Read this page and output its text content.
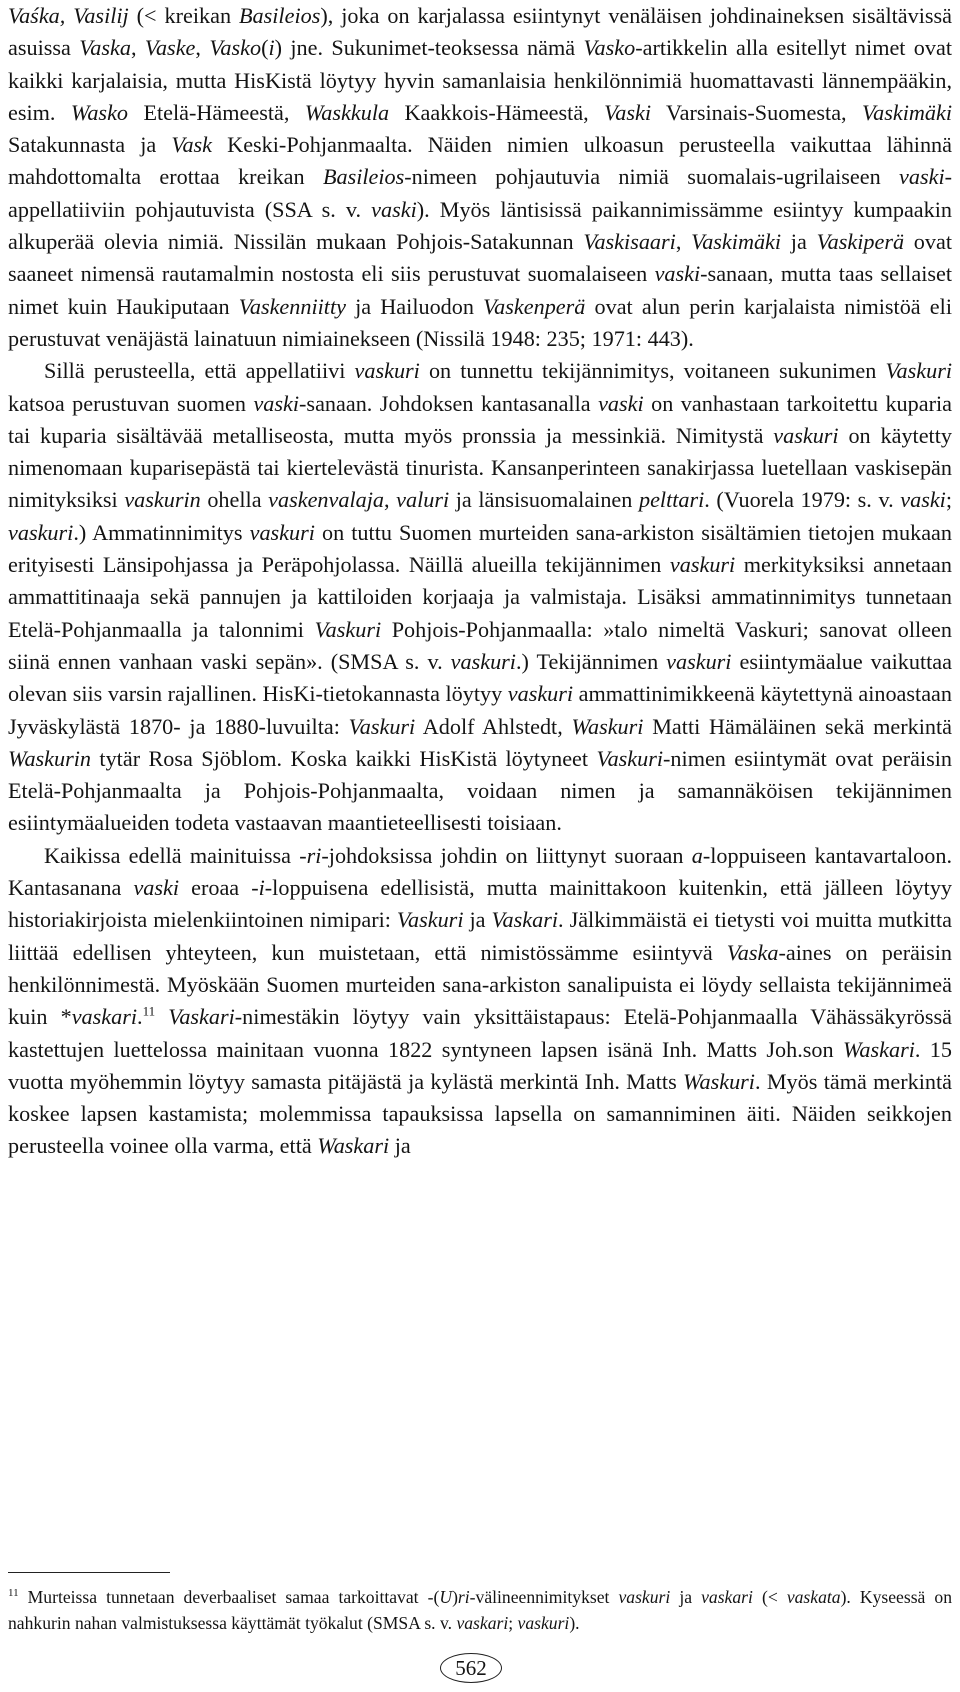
Vaśka, Vasilij (< kreikan Basileios), joka on karjalassa esiintynyt venäläisen johdinaineksen sisältävissä asuissa Vaska, Vaske, Vasko(i) jne. Sukunimet-teoksessa nämä Vasko-artikkelin alla esitellyt nimet ovat kaikki karjalaisia, mutta HisKistä löytyy hyvin samanlaisia henkilönnimiä huomattavasti lännempääkin, esim. Wasko Etelä-Hämeestä, Waskkula Kaakkois-Hämeestä, Vaski Varsinais-Suomesta, Vaskimäki Satakunnasta ja Vask Keski-Pohjanmaalta. Näiden nimien ulkoasun perusteella vaikuttaa lähinnä mahdottomalta erottaa kreikan Basileios-nimeen pohjautuvia nimiä suomalais-ugrilaiseen vaski-appellatiiviin pohjautuvista (SSA s. v. vaski). Myös läntisissä paikannimissämme esiintyy kumpaakin alkuperää olevia nimiä. Nissilän mukaan Pohjois-Satakunnan Vaskisaari, Vaskimäki ja Vaskiperä ovat saaneet nimensä rautamalmin nostosta eli siis perustuvat suomalaiseen vaski-sanaan, mutta taas sellaiset nimet kuin Haukiputaan Vaskenniitty ja Hailuodon Vaskenperä ovat alun perin karjalaista nimistöä eli perustuvat venäjästä lainatuun nimiainekseen (Nissilä 1948: 235; 1971: 443).

Sillä perusteella, että appellatiivi vaskuri on tunnettu tekijännimitys, voitaneen sukunimen Vaskuri katsoa perustuvan suomen vaski-sanaan. Johdoksen kantasanalla vaski on vanhastaan tarkoitettu kuparia tai kuparia sisältävää metalliseosta, mutta myös pronssia ja messinkiä. Nimitystä vaskuri on käytetty nimenomaan kuparisepästä tai kiertelevästä tinurista. Kansanperinteen sanakirjassa luetellaan vaskisepän nimityksiksi vaskurin ohella vaskenvalaja, valuri ja länsisuomalainen pelttari. (Vuorela 1979: s. v. vaski; vaskuri.) Ammatinnimitys vaskuri on tuttu Suomen murteiden sana-arkiston sisältämien tietojen mukaan erityisesti Länsipohjassa ja Peräpohjolassa. Näillä alueilla tekijännimen vaskuri merkityksiksi annetaan ammattitinaaja sekä pannujen ja kattiloiden korjaaja ja valmistaja. Lisäksi ammatinnimitys tunnetaan Etelä-Pohjanmaalla ja talonnimi Vaskuri Pohjois-Pohjanmaalla: »talo nimeltä Vaskuri; sanovat olleen siinä ennen vanhaan vaski sepän». (SMSA s. v. vaskuri.) Tekijännimen vaskuri esiintymäalue vaikuttaa olevan siis varsin rajallinen. HisKi-tietokannasta löytyy vaskuri ammattinimikkeenä käytettynä ainoastaan Jyväskylästä 1870- ja 1880-luvuilta: Vaskuri Adolf Ahlstedt, Waskuri Matti Hämäläinen sekä merkintä Waskurin tytär Rosa Sjöblom. Koska kaikki HisKistä löytyneet Vaskuri-nimen esiintymät ovat peräisin Etelä-Pohjanmaalta ja Pohjois-Pohjanmaalta, voidaan nimen ja samannäköisen tekijännimen esiintymäalueiden todeta vastaavan maantieteellisesti toisiaan.

Kaikissa edellä mainituissa -ri-johdoksissa johdin on liittynyt suoraan a-loppuiseen kantavartaloon. Kantasanana vaski eroaa -i-loppuisena edellisistä, mutta mainittakoon kuitenkin, että jälleen löytyy historiakirjoista mielenkiintoinen nimipari: Vaskuri ja Vaskari. Jälkimmäistä ei tietysti voi muitta mutkitta liittää edellisen yhteyteen, kun muistetaan, että nimistössämme esiintyvä Vaska-aines on peräisin henkilönnimestä. Myöskään Suomen murteiden sana-arkiston sanalipuista ei löydy sellaista tekijännimeä kuin *vaskari.$^{11}$ Vaskari-nimestäkin löytyy vain yksittäistapaus: Etelä-Pohjanmaalla Vähässäkyrössä kastettujen luettelossa mainitaan vuonna 1822 syntyneen lapsen isänä Inh. Matts Joh.son Waskari. 15 vuotta myöhemmin löytyy samasta pitäjästä ja kylästä merkintä Inh. Matts Waskuri. Myös tämä merkintä koskee lapsen kastamista; molemmissa tapauksissa lapsella on samanniminen äiti. Näiden seikkojen perusteella voinee olla varma, että Waskari ja

$^{11}$ Murteissa tunnetaan deverbaaliset samaa tarkoittavat -(U)ri-välineennimitykset vaskuri ja vaskari (< vaskata). Kyseessä on nahkurin nahan valmistuksessa käyttämät työkalut (SMSA s. v. vaskari; vaskuri).
562
